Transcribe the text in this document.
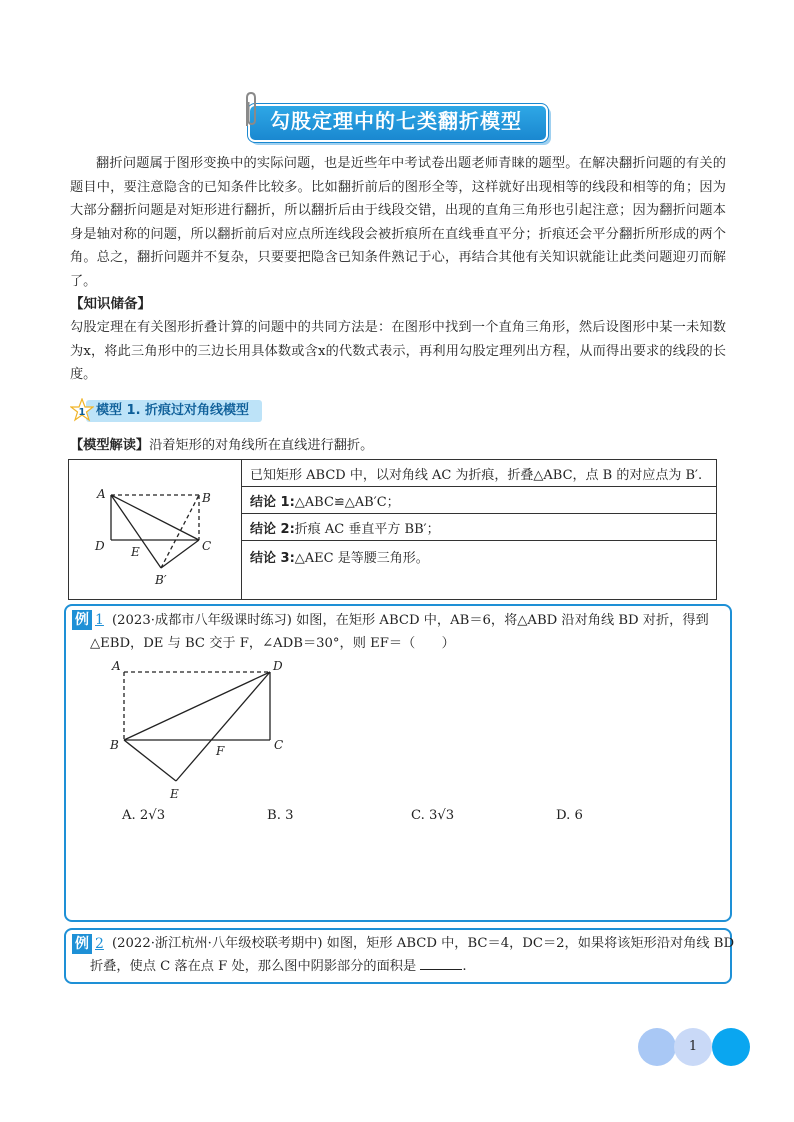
勾股定理中的七类翻折模型
翻折问题属于图形变换中的实际问题，也是近些年中考试卷出题老师青睐的题型。在解决翻折问题的有关的题目中，要注意隐含的已知条件比较多。比如翻折前后的图形全等，这样就好出现相等的线段和相等的角；因为大部分翻折问题是对矩形进行翻折，所以翻折后由于线段交错，出现的直角三角形也引起注意；因为翻折问题本身是轴对称的问题，所以翻折前后对应点所连线段会被折痕所在直线垂直平分；折痕还会平分翻折所形成的两个角。总之，翻折问题并不复杂，只要要把隐含已知条件熟记于心，再结合其他有关知识就能让此类问题迎刃而解了。
【知识储备】
勾股定理在有关图形折叠计算的问题中的共同方法是：在图形中找到一个直角三角形，然后设图形中某一未知数为x，将此三角形中的三边长用具体数或含x的代数式表示，再利用勾股定理列出方程，从而得出要求的线段的长度。
1 模型 1. 折痕过对角线模型
【模型解读】沿着矩形的对角线所在直线进行翻折。
A	B
C
D E
B′
	已知矩形 ABCD 中，以对角线 AC 为折痕，折叠△ABC，点 B 的对应点为 B′.
结论 1:△ABC≌△AB′C；
结论 2:折痕 AC 垂直平方 BB′；
结论 3:△AEC 是等腰三角形。
例 1 (2023·成都市八年级课时练习) 如图，在矩形 ABCD 中，AB＝6，将△ABD 沿对角线 BD 对折，得到
△EBD，DE 与 BC 交于 F，∠ADB＝30°，则 EF＝（　　）
A	D
B	C
F
E
A. 2√3	B. 3	C. 3√3	D. 6
例 2 (2022·浙江杭州·八年级校联考期中) 如图，矩形 ABCD 中，BC＝4，DC＝2，如果将该矩形沿对角线 BD
折叠，使点 C 落在点 F 处，那么图中阴影部分的面积是	.
1
